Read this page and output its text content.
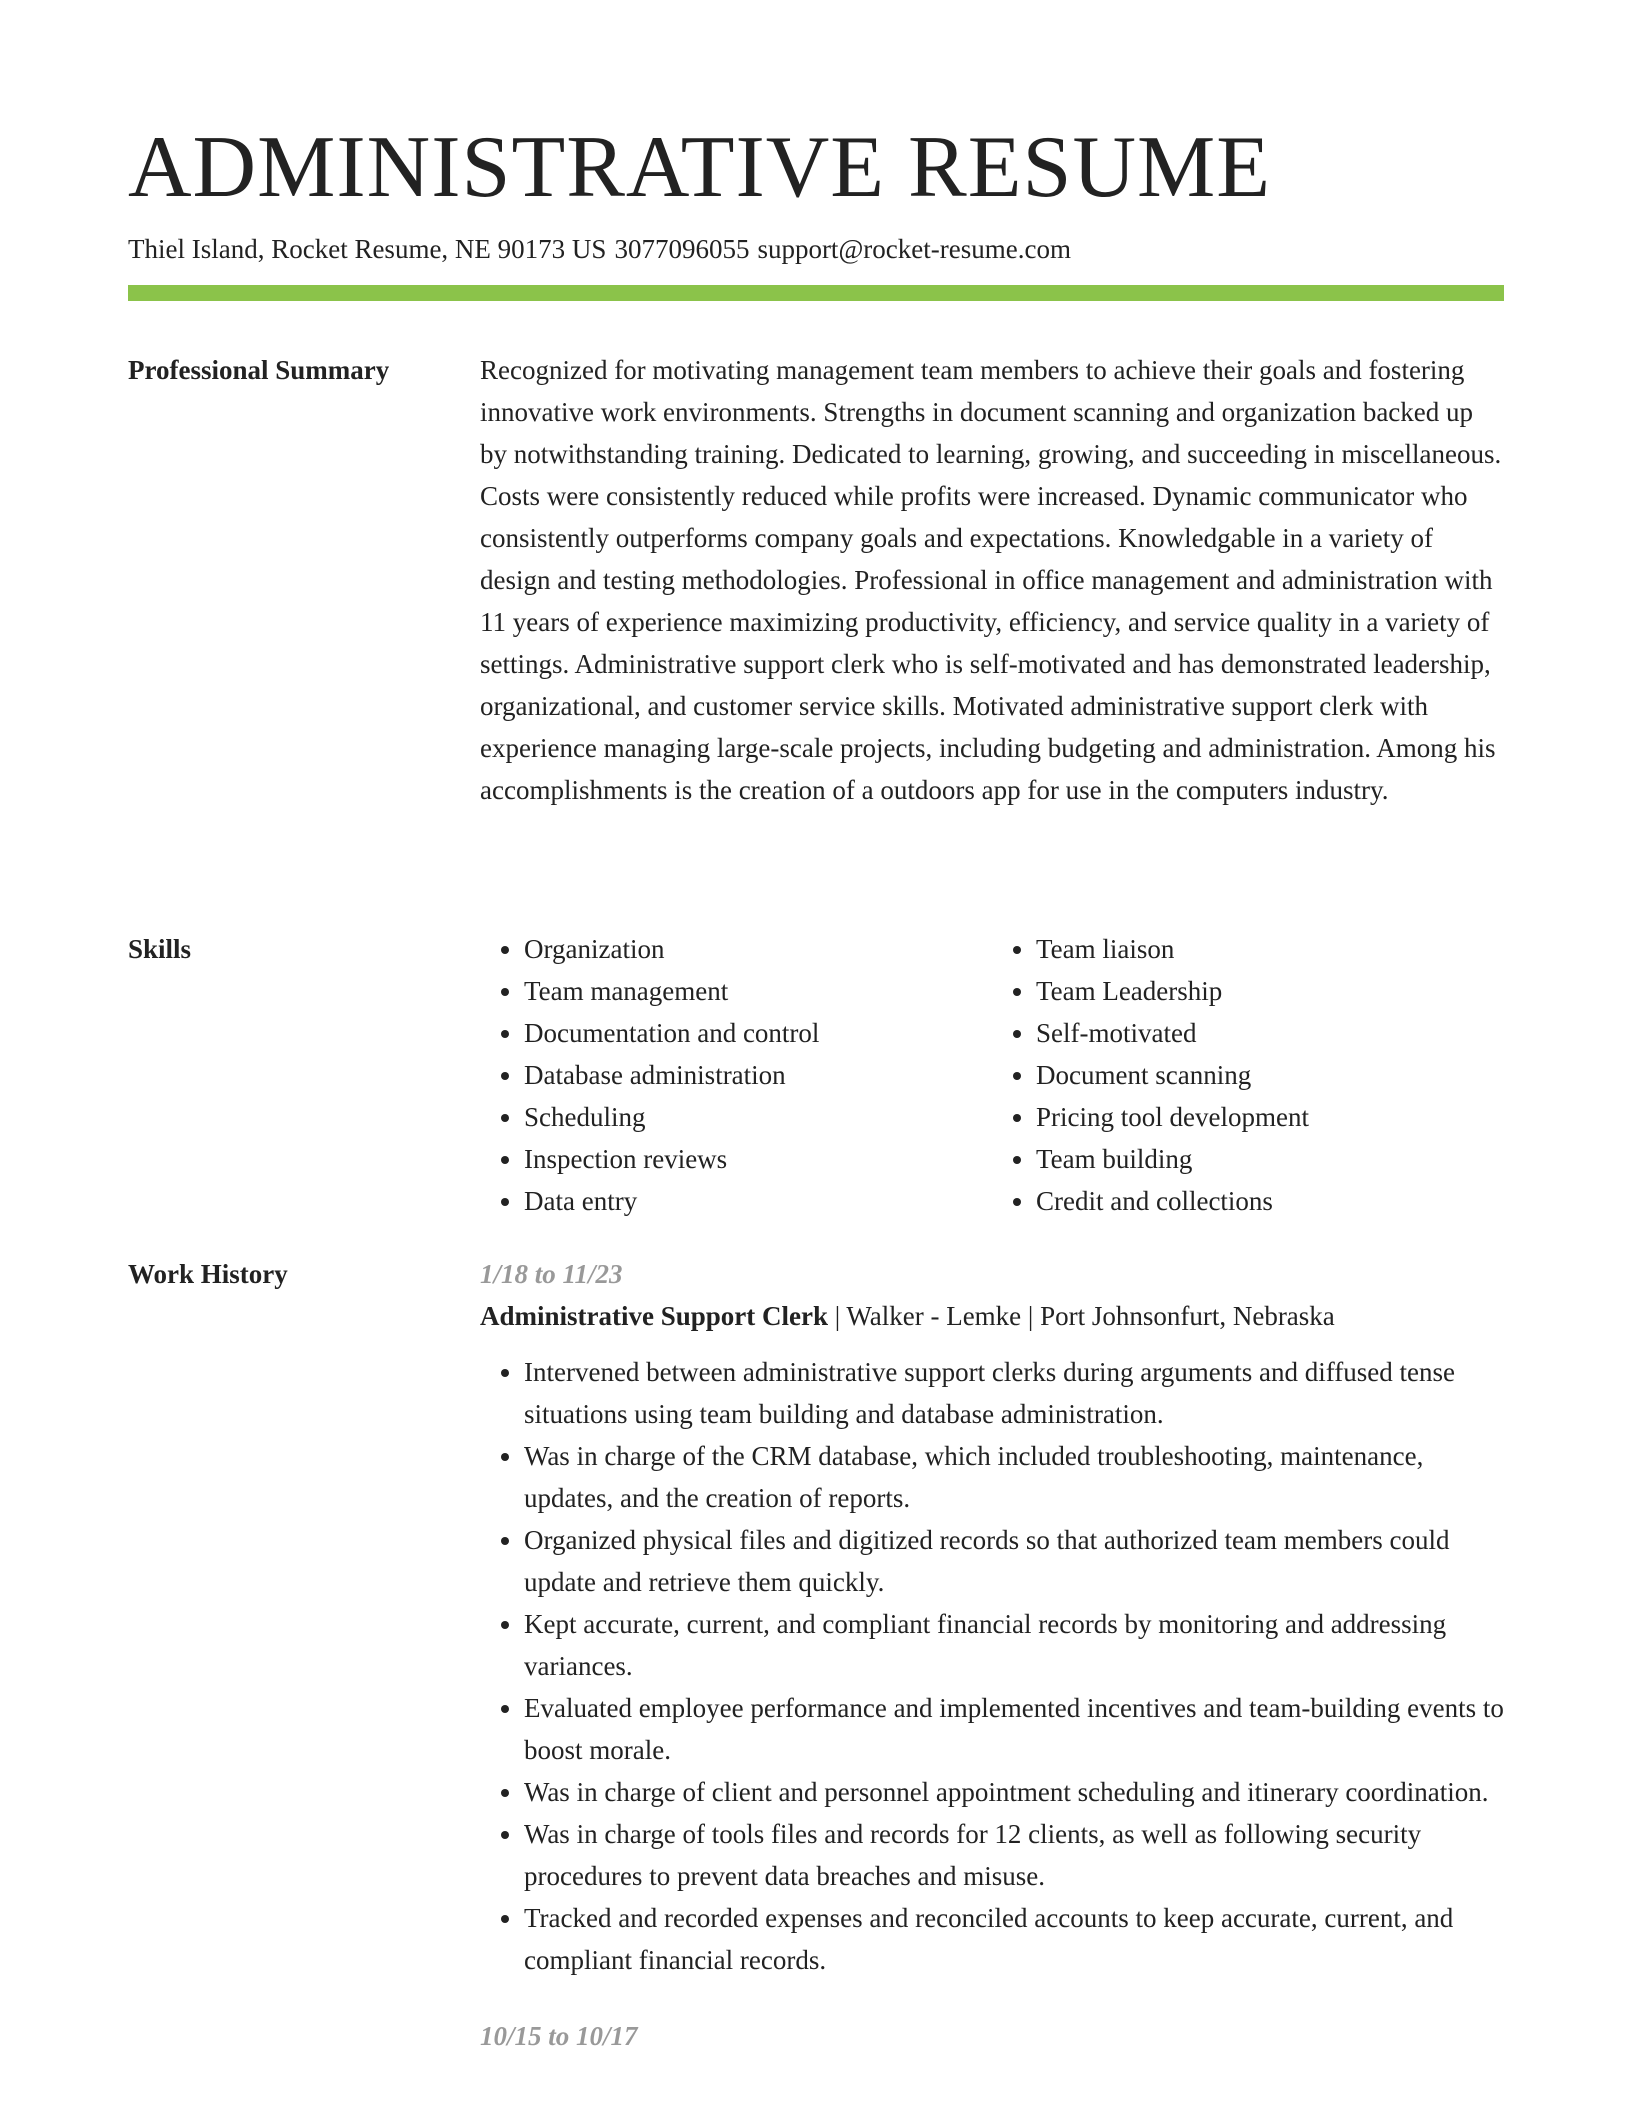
ADMINISTRATIVE RESUME
Thiel Island, Rocket Resume, NE 90173 US 3077096055 support@rocket-resume.com
Professional Summary	Recognized for motivating management team members to achieve their goals and fostering innovative work environments. Strengths in document scanning and organization backed up by notwithstanding training. Dedicated to learning, growing, and succeeding in miscellaneous. Costs were consistently reduced while profits were increased. Dynamic communicator who consistently outperforms company goals and expectations. Knowledgable in a variety of design and testing methodologies. Professional in office management and administration with 11 years of experience maximizing productivity, efficiency, and service quality in a variety of settings. Administrative support clerk who is self-motivated and has demonstrated leadership, organizational, and customer service skills. Motivated administrative support clerk with experience managing large-scale projects, including budgeting and administration. Among his accomplishments is the creation of a outdoors app for use in the computers industry.

Skills
•	Organization
• Team management
• Documentation and control
• Database administration
• Scheduling
• Inspection reviews
• Data entry
• Team liaison
• Team Leadership
• Self-motivated
• Document scanning
• Pricing tool development
• Team building
• Credit and collections
Work History	1/18 to 11/23
Administrative Support Clerk | Walker - Lemke | Port Johnsonfurt, Nebraska
• Intervened between administrative support clerks during arguments and diffused tense situations using team building and database administration.
• Was in charge of the CRM database, which included troubleshooting, maintenance, updates, and the creation of reports.
• Organized physical files and digitized records so that authorized team members could update and retrieve them quickly.
• Kept accurate, current, and compliant financial records by monitoring and addressing variances.
• Evaluated employee performance and implemented incentives and team-building events to boost morale.
• Was in charge of client and personnel appointment scheduling and itinerary coordination.
• Was in charge of tools files and records for 12 clients, as well as following security procedures to prevent data breaches and misuse.
• Tracked and recorded expenses and reconciled accounts to keep accurate, current, and compliant financial records.
10/15 to 10/17
